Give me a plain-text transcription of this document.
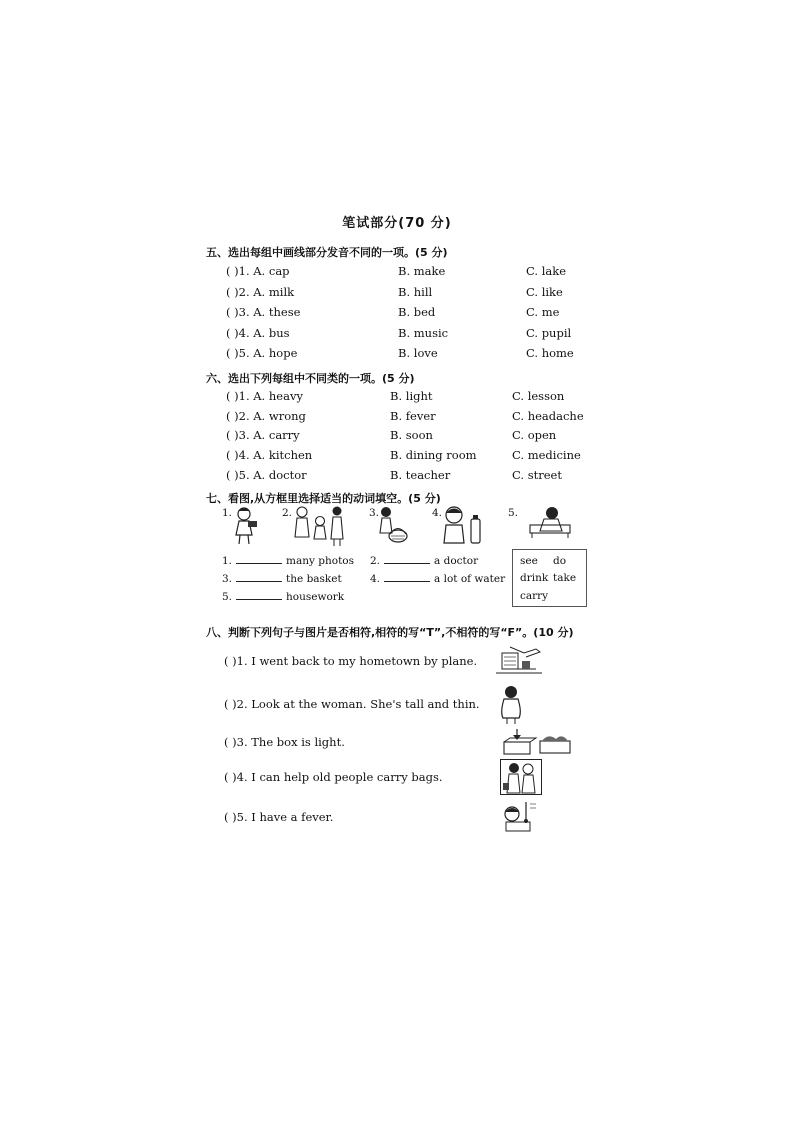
笔试部分(70 分)
五、选出每组中画线部分发音不同的一项。(5 分)
( )1. A. cap	B. make	C. lake
( )2. A. milk	B. hill	C. like
( )3. A. these	B. bed	C. me
( )4. A. bus	B. music	C. pupil
( )5. A. hope	B. love	C. home
六、选出下列每组中不同类的一项。(5 分)
( )1. A. heavy	B. light	C. lesson
( )2. A. wrong	B. fever	C. headache
( )3. A. carry	B. soon	C. open
( )4. A. kitchen	B. dining room	C. medicine
( )5. A. doctor	B. teacher	C. street
七、看图,从方框里选择适当的动词填空。(5 分)
1.	2.	3.	4.	5.
1.	many photos 2.	a doctor
3.	the basket	4.	a lot of water
5.	housework
see do
drink take
carry
八、判断下列句子与图片是否相符,相符的写“T”,不相符的写“F”。(10 分)
( )1. I went back to my hometown by plane.
( )2. Look at the woman. She's tall and thin.
( )3. The box is light.
( )4. I can help old people carry bags.
( )5. I have a fever.
